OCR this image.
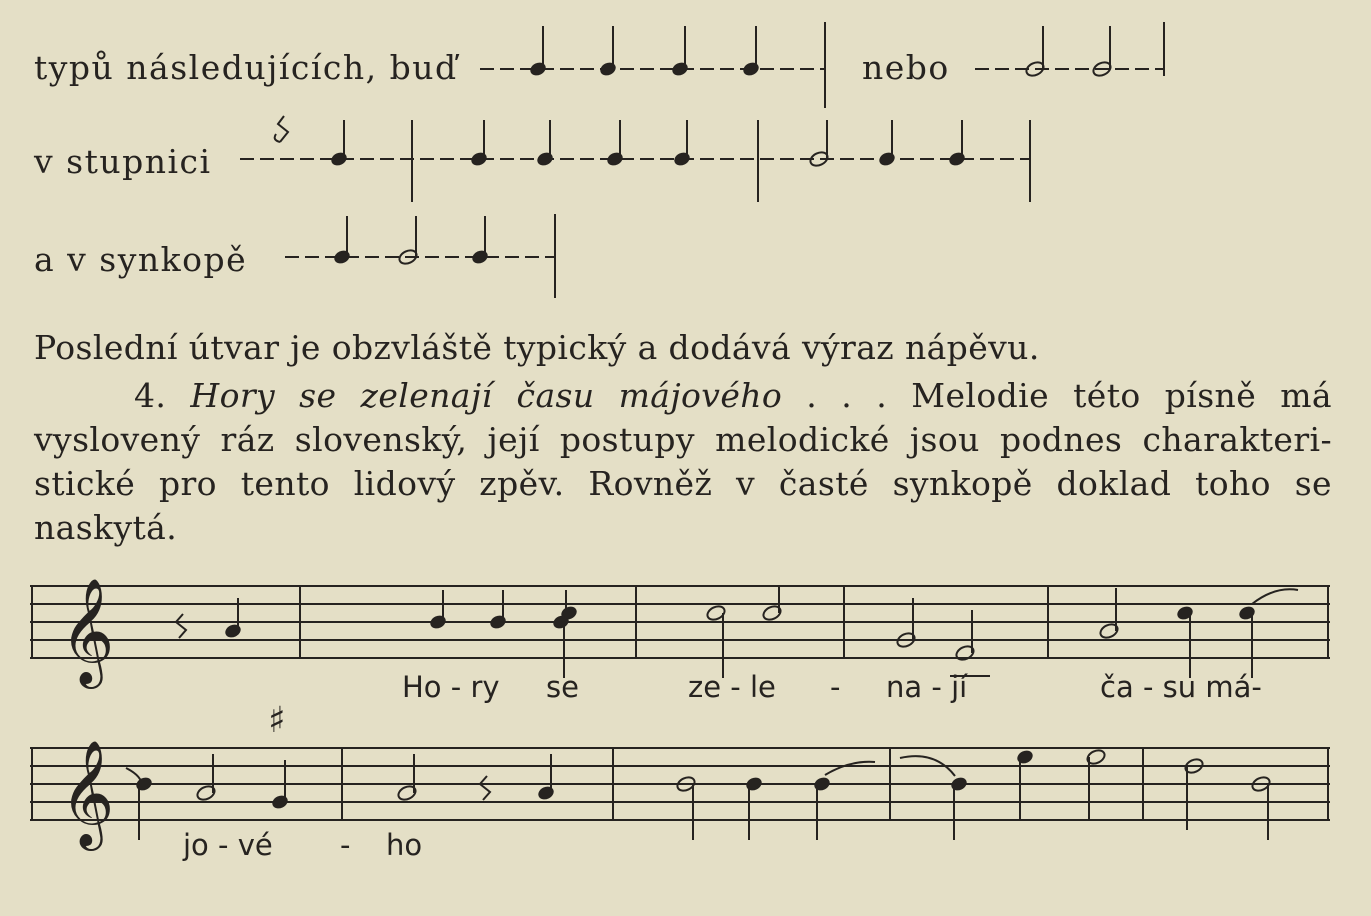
typů následujících, buď	nebo
v stupnici
a v synkopě
Poslední útvar je obzvláště typický a dodává výraz nápěvu.
4. Hory se zelenají času májového . . . Melodie této písně má
vyslovený ráz slovenský, její postupy melodické jsou podnes charakteri-
stické pro tento lidový zpěv. Rovněž v časté synkopě doklad toho se
naskytá.
𝄞
Ho - ry se	ze - le - na - jí	ča - su má-
♯
𝄞 jo - vé - ho
